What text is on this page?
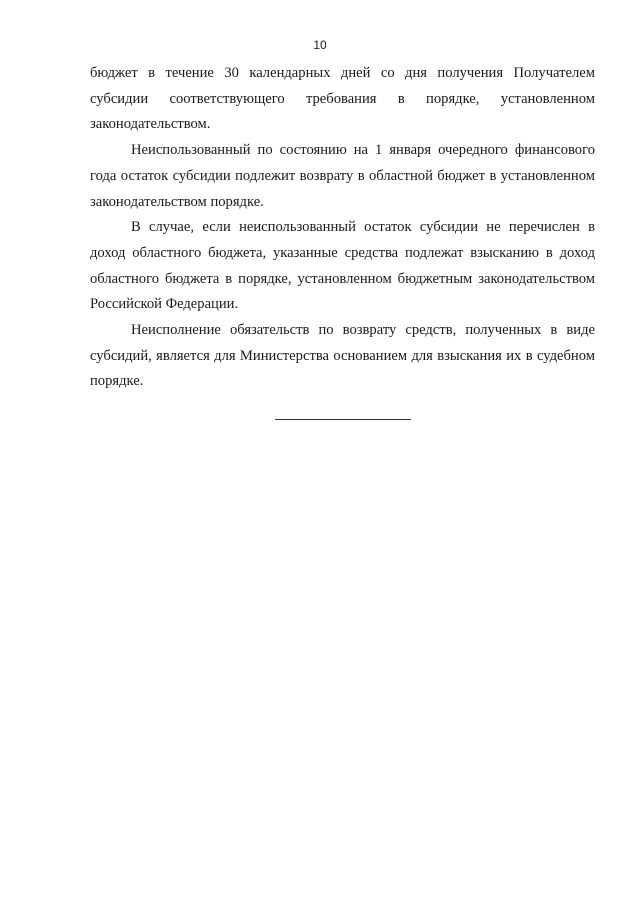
10

бюджет в течение 30 календарных дней со дня получения Получателем субсидии соответствующего требования в порядке, установленном законодательством.

Неиспользованный по состоянию на 1 января очередного финансового года остаток субсидии подлежит возврату в областной бюджет в установленном законодательством порядке.

В случае, если неиспользованный остаток субсидии не перечислен в доход областного бюджета, указанные средства подлежат взысканию в доход областного бюджета в порядке, установленном бюджетным законодательством Российской Федерации.

Неисполнение обязательств по возврату средств, полученных в виде субсидий, является для Министерства основанием для взыскания их в судебном порядке.
